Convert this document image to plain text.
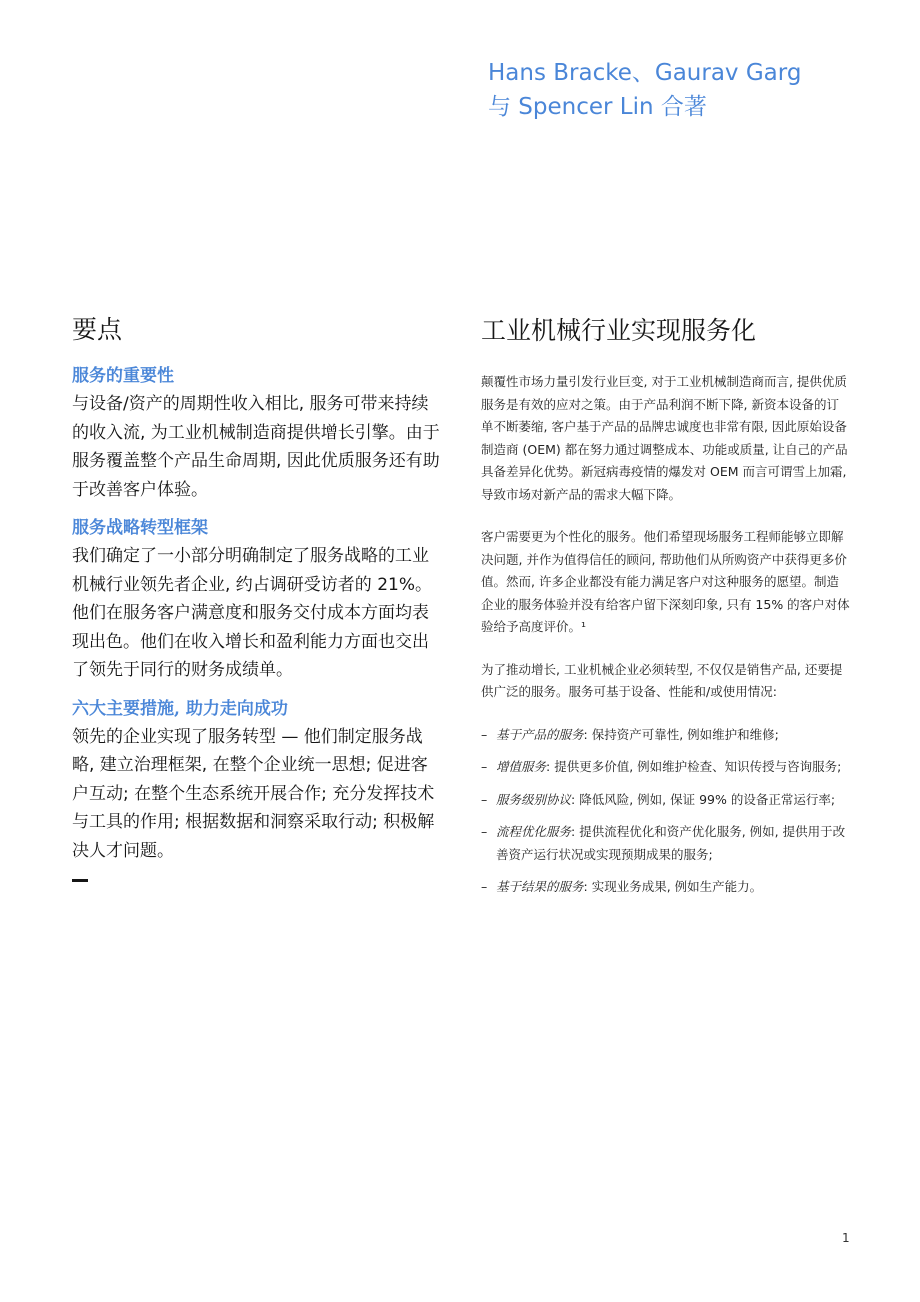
Hans Bracke、Gaurav Garg
与 Spencer Lin 合著
要点
服务的重要性

与设备/资产的周期性收入相比, 服务可带来持续的收入流, 为工业机械制造商提供增长引擎。由于服务覆盖整个产品生命周期, 因此优质服务还有助于改善客户体验。

服务战略转型框架

我们确定了一小部分明确制定了服务战略的工业机械行业领先者企业, 约占调研受访者的 21%。他们在服务客户满意度和服务交付成本方面均表现出色。他们在收入增长和盈利能力方面也交出了领先于同行的财务成绩单。

六大主要措施, 助力走向成功

领先的企业实现了服务转型 — 他们制定服务战略, 建立治理框架, 在整个企业统一思想; 促进客户互动; 在整个生态系统开展合作; 充分发挥技术与工具的作用; 根据数据和洞察采取行动; 积极解决人才问题。

工业机械行业实现服务化

颠覆性市场力量引发行业巨变, 对于工业机械制造商而言, 提供优质服务是有效的应对之策。由于产品利润不断下降, 新资本设备的订单不断萎缩, 客户基于产品的品牌忠诚度也非常有限, 因此原始设备制造商 (OEM) 都在努力通过调整成本、功能或质量, 让自己的产品具备差异化优势。新冠病毒疫情的爆发对 OEM 而言可谓雪上加霜, 导致市场对新产品的需求大幅下降。

客户需要更为个性化的服务。他们希望现场服务工程师能够立即解决问题, 并作为值得信任的顾问, 帮助他们从所购资产中获得更多价值。然而, 许多企业都没有能力满足客户对这种服务的愿望。制造企业的服务体验并没有给客户留下深刻印象, 只有 15% 的客户对体验给予高度评价。¹

为了推动增长, 工业机械企业必须转型, 不仅仅是销售产品, 还要提供广泛的服务。服务可基于设备、性能和/或使用情况:

– 基于产品的服务: 保持资产可靠性, 例如维护和维修;
– 增值服务: 提供更多价值, 例如维护检查、知识传授与咨询服务;
– 服务级别协议: 降低风险, 例如, 保证 99% 的设备正常运行率;
– 流程优化服务: 提供流程优化和资产优化服务, 例如, 提供用于改善资产运行状况或实现预期成果的服务;
– 基于结果的服务: 实现业务成果, 例如生产能力。
1
